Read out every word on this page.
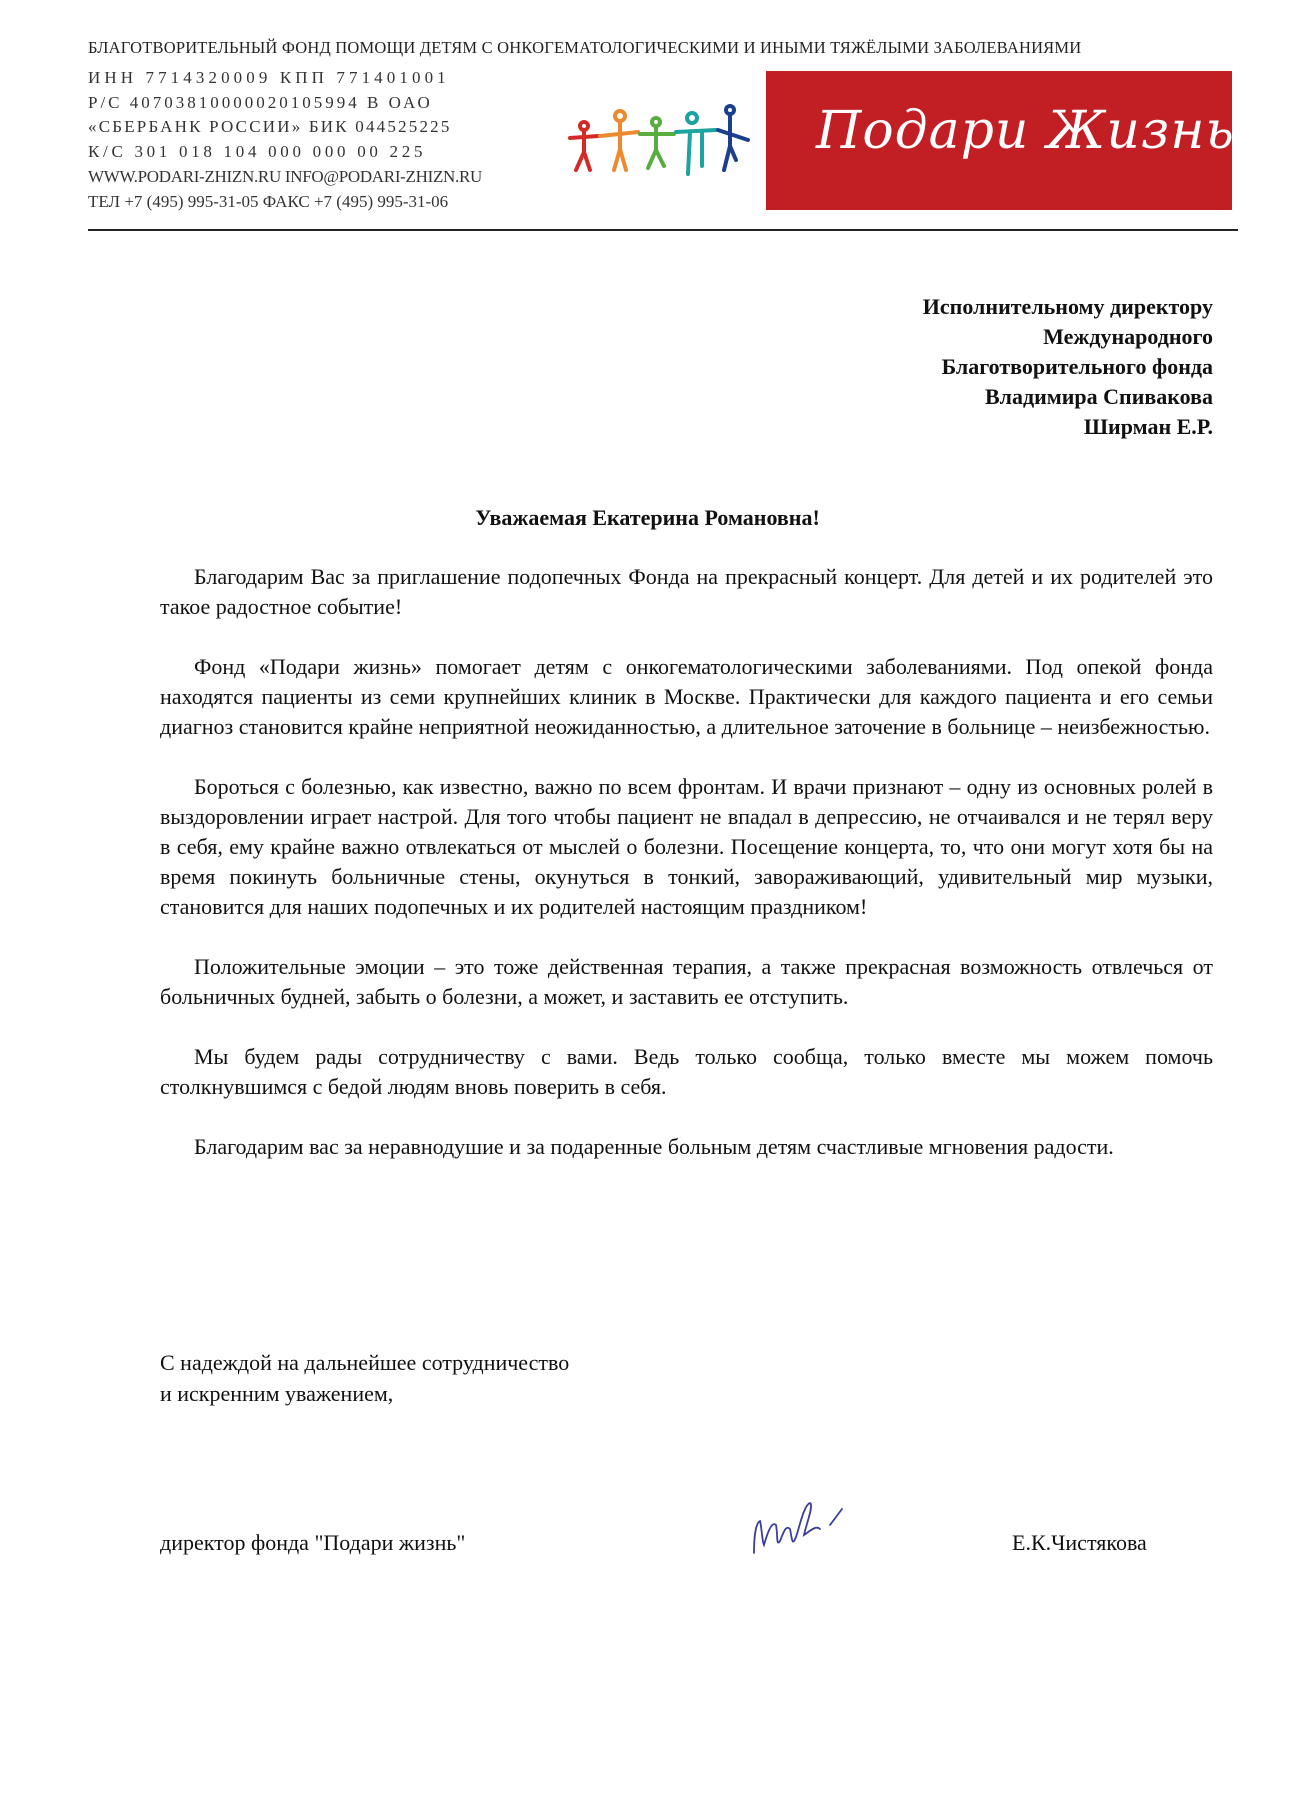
БЛАГОТВОРИТЕЛЬНЫЙ ФОНД ПОМОЩИ ДЕТЯМ С ОНКОГЕМАТОЛОГИЧЕСКИМИ И ИНЫМИ ТЯЖЁЛЫМИ ЗАБОЛЕВАНИЯМИ
ИНН 7714320009 КПП 771401001
Р/С 40703810000020105994 В ОАО
«СБЕРБАНК РОССИИ» БИК 044525225
К/С 301 018 104 000 000 00 225
WWW.PODARI-ZHIZN.RU INFO@PODARI-ZHIZN.RU
ТЕЛ +7 (495) 995-31-05 ФАКС +7 (495) 995-31-06
Подари Жизнь!
Исполнительному директору
Международного
Благотворительного фонда
Владимира Спивакова
Ширман Е.Р.
Уважаемая Екатерина Романовна!

Благодарим Вас за приглашение подопечных Фонда на прекрасный концерт. Для детей и их родителей это такое радостное событие!

Фонд «Подари жизнь» помогает детям с онкогематологическими заболеваниями. Под опекой фонда находятся пациенты из семи крупнейших клиник в Москве. Практически для каждого пациента и его семьи диагноз становится крайне неприятной неожиданностью, а длительное заточение в больнице – неизбежностью.

Бороться с болезнью, как известно, важно по всем фронтам. И врачи признают – одну из основных ролей в выздоровлении играет настрой. Для того чтобы пациент не впадал в депрессию, не отчаивался и не терял веру в себя, ему крайне важно отвлекаться от мыслей о болезни. Посещение концерта, то, что они могут хотя бы на время покинуть больничные стены, окунуться в тонкий, завораживающий, удивительный мир музыки, становится для наших подопечных и их родителей настоящим праздником!

Положительные эмоции – это тоже действенная терапия, а также прекрасная возможность отвлечься от больничных будней, забыть о болезни, а может, и заставить ее отступить.

Мы будем рады сотрудничеству с вами. Ведь только сообща, только вместе мы можем помочь столкнувшимся с бедой людям вновь поверить в себя.

Благодарим вас за неравнодушие и за подаренные больным детям счастливые мгновения радости.

С надеждой на дальнейшее сотрудничество
и искренним уважением,
директор фонда "Подари жизнь"	Е.К.Чистякова
